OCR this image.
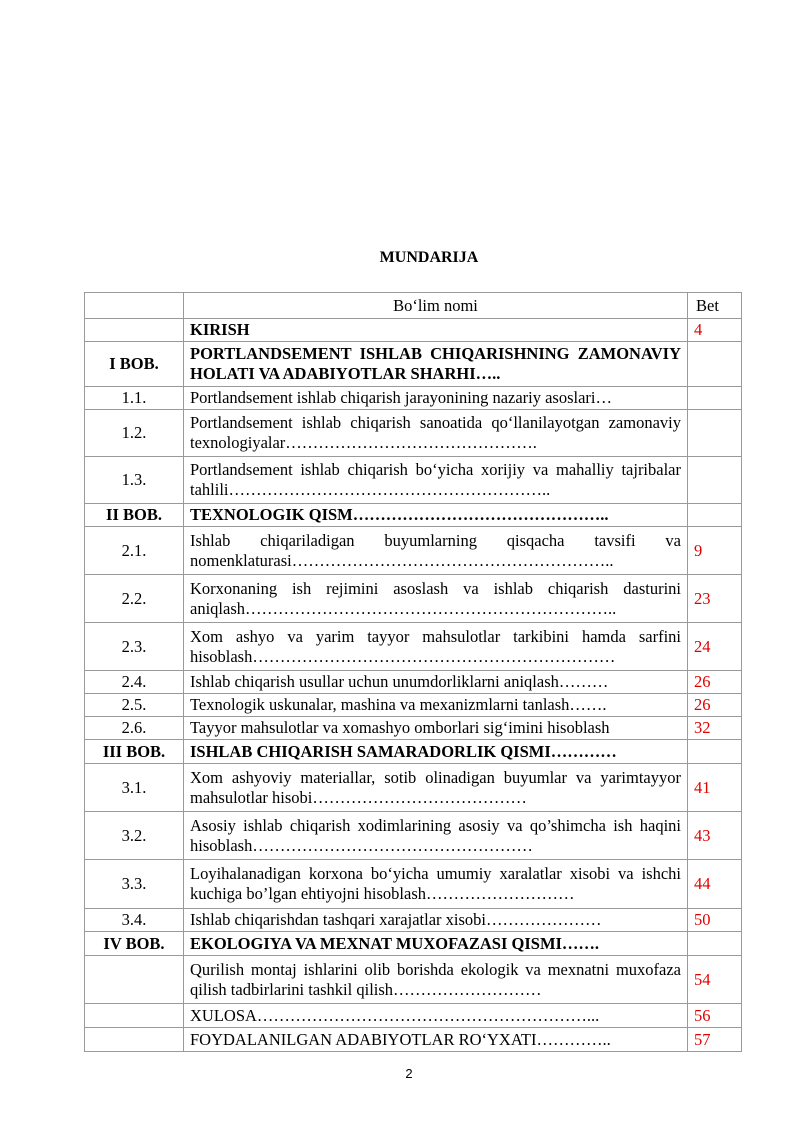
MUNDARIJA
	Bo‘lim nomi	Bet
	KIRISH	4
I BOB.	PORTLANDSEMENT ISHLAB CHIQARISHNING ZAMONAVIY HOLATI VA ADABIYOTLAR SHARHI…..	
1.1.	Portlandsement ishlab chiqarish jarayonining nazariy asoslari…	
1.2.	Portlandsement ishlab chiqarish sanoatida qo‘llanilayotgan zamonaviy texnologiyalar……………………………………….	
1.3.	Portlandsement ishlab chiqarish bo‘yicha xorijiy va mahalliy tajribalar tahlili…………………………………………………..	
II BOB.	TEXNOLOGIK QISM………………………………………..	
2.1.	Ishlab chiqariladigan buyumlarning qisqacha tavsifi va nomenklaturasi…………………………………………………..	9
2.2.	Korxonaning ish rejimini asoslash va ishlab chiqarish dasturini aniqlash…………………………………………………………..	23
2.3.	Xom ashyo va yarim tayyor mahsulotlar tarkibini hamda sarfini hisoblash…………………………………………………………	24
2.4.	Ishlab chiqarish usullar uchun unumdorliklarni aniqlash………	26
2.5.	Texnologik uskunalar, mashina va mexanizmlarni tanlash…….	26
2.6.	Tayyor mahsulotlar va xomashyo omborlari sig‘imini hisoblash	32
III BOB.	ISHLAB CHIQARISH SAMARADORLIK QISMI…………	
3.1.	Xom ashyoviy materiallar, sotib olinadigan buyumlar va yarimtayyor mahsulotlar hisobi…………………………………	41
3.2.	Asosiy ishlab chiqarish xodimlarining asosiy va qo’shimcha ish haqini hisoblash……………………………………………	43
3.3.	Loyihalanadigan korxona bo‘yicha umumiy xaralatlar xisobi va ishchi kuchiga bo’lgan ehtiyojni hisoblash………………………	44
3.4.	Ishlab chiqarishdan tashqari xarajatlar xisobi…………………	50
IV BOB.	EKOLOGIYA VA MEXNAT MUXOFAZASI QISMI…….	
	Qurilish montaj ishlarini olib borishda ekologik va mexnatni muxofaza qilish tadbirlarini tashkil qilish………………………	54
	XULOSA……………………………………………………...	56
	FOYDALANILGAN ADABIYOTLAR RO‘YXATI…………..	57
2
